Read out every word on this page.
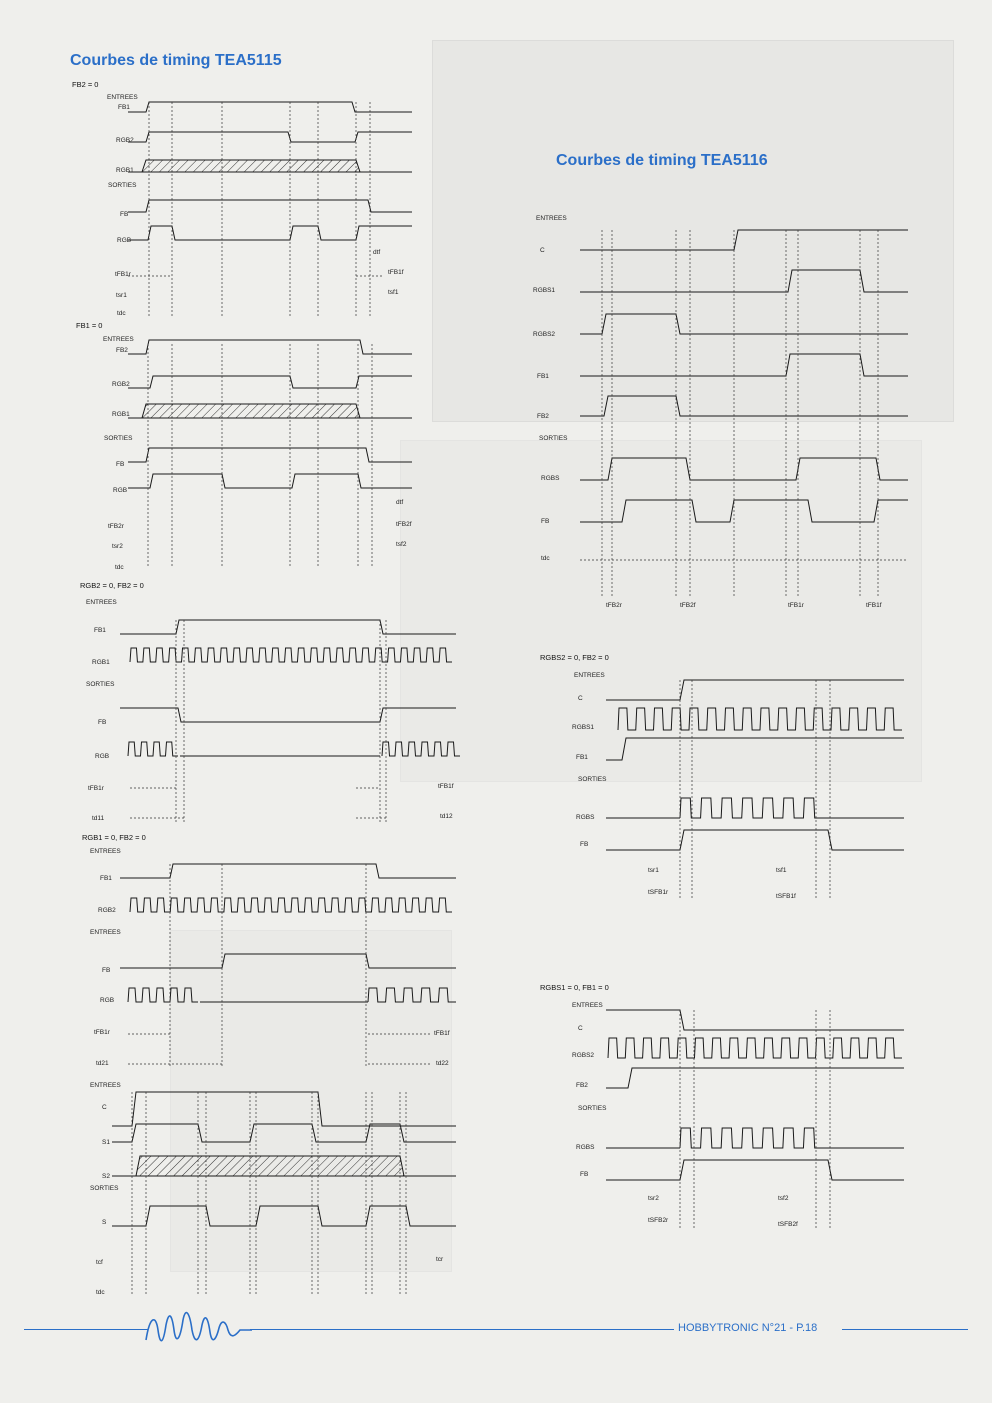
Courbes de timing TEA5115
Courbes de timing TEA5116
HOBBYTRONIC N°21 - P.18
FB2 = 0
ENTREES
FB1
RGB2
RGB1
SORTIES
FB
RGB
dtf
tFB1r	tFB1f
tsr1	tsf1
tdc
FB1 = 0
ENTREES
FB2
RGB2
RGB1
SORTIES
FB
RGB
dtf
tFB2r	tFB2f
tsr2	tsf2
tdc
RGB2 = 0, FB2 = 0
ENTREES
FB1
RGB1
SORTIES
FB
RGB
tFB1r	tFB1f
td11	td12
RGB1 = 0, FB2 = 0
ENTREES
FB1
RGB2
ENTREES
FB
RGB
tFB1r	tFB1f
td21	td22
ENTREES
C
S1
S2
SORTIES
S
tcf	tcr
tdc
ENTREES
C
RGBS1
RGBS2
FB1
FB2
SORTIES
RGBS
FB
tdc
tFB2r	tFB2f	tFB1r	tFB1f
RGBS2 = 0, FB2 = 0
ENTREES
C
RGBS1
FB1
SORTIES
RGBS
FB
tsr1	tsf1
tSFB1r
tSFB1f
RGBS1 = 0, FB1 = 0
ENTREES
C
RGBS2
FB2
SORTIES
RGBS
FB
tsr2	tsf2
tSFB2r
tSFB2f
